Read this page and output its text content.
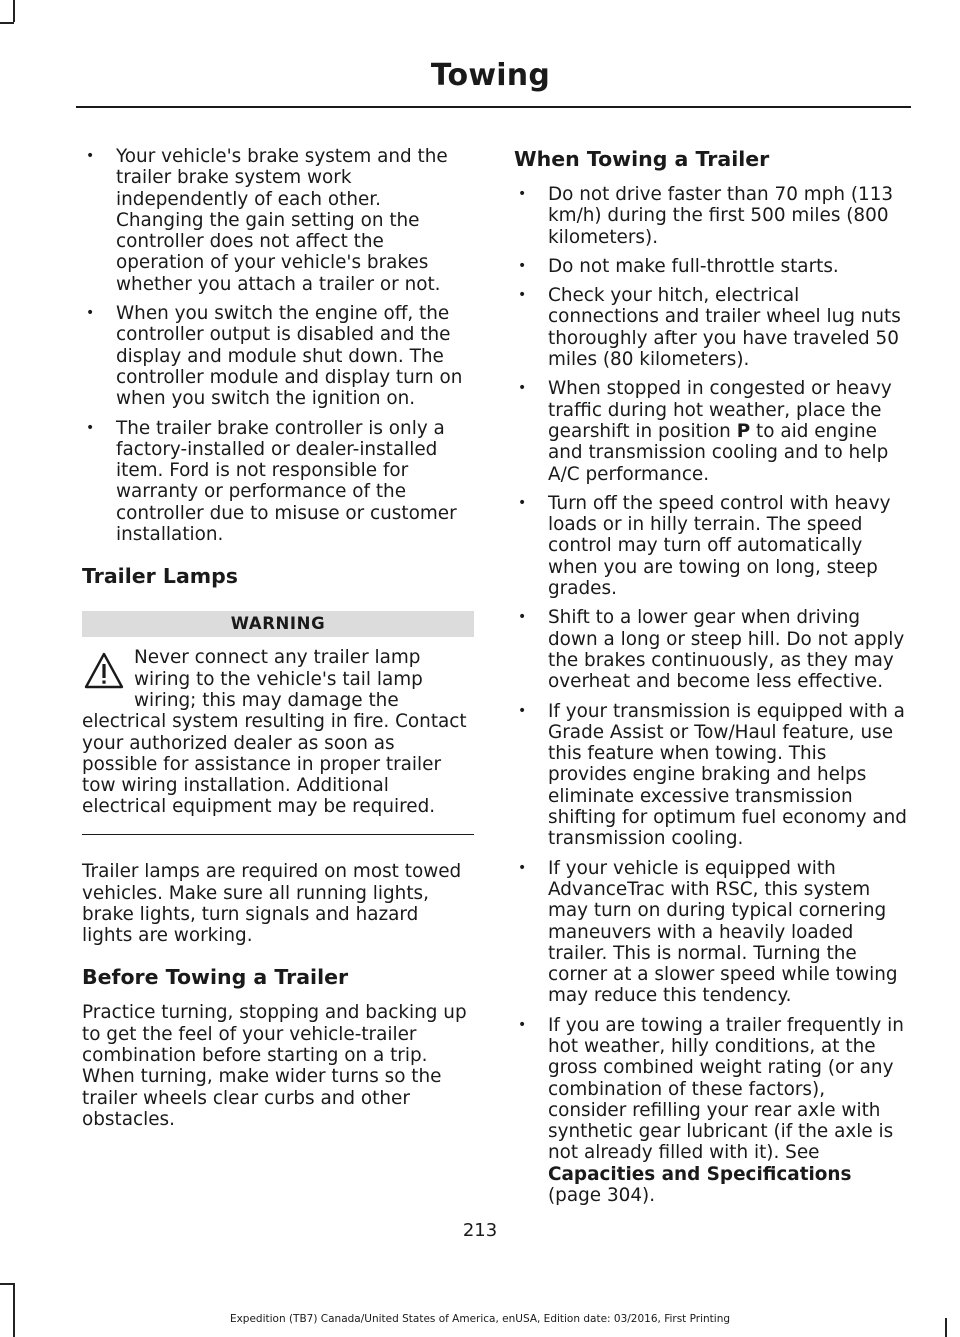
Towing
• Your vehicle's brake system and the trailer brake system work independently of each other. Changing the gain setting on the controller does not affect the operation of your vehicle's brakes whether you attach a trailer or not.
• When you switch the engine off, the controller output is disabled and the display and module shut down. The controller module and display turn on when you switch the ignition on.
• The trailer brake controller is only a factory-installed or dealer-installed item. Ford is not responsible for warranty or performance of the controller due to misuse or customer installation.
Trailer Lamps
WARNING

Never connect any trailer lamp wiring to the vehicle's tail lamp wiring; this may damage the electrical system resulting in fire. Contact your authorized dealer as soon as possible for assistance in proper trailer tow wiring installation. Additional electrical equipment may be required.

Trailer lamps are required on most towed vehicles. Make sure all running lights, brake lights, turn signals and hazard lights are working.

Before Towing a Trailer

Practice turning, stopping and backing up to get the feel of your vehicle-trailer combination before starting on a trip. When turning, make wider turns so the trailer wheels clear curbs and other obstacles.

When Towing a Trailer
• Do not drive faster than 70 mph (113 km/h) during the first 500 miles (800 kilometers).
• Do not make full-throttle starts.
• Check your hitch, electrical connections and trailer wheel lug nuts thoroughly after you have traveled 50 miles (80 kilometers).
• When stopped in congested or heavy traffic during hot weather, place the gearshift in position P to aid engine and transmission cooling and to help A/C performance.
• Turn off the speed control with heavy loads or in hilly terrain. The speed control may turn off automatically when you are towing on long, steep grades.
• Shift to a lower gear when driving down a long or steep hill. Do not apply the brakes continuously, as they may overheat and become less effective.
• If your transmission is equipped with a Grade Assist or Tow/Haul feature, use this feature when towing. This provides engine braking and helps eliminate excessive transmission shifting for optimum fuel economy and transmission cooling.
• If your vehicle is equipped with AdvanceTrac with RSC, this system may turn on during typical cornering maneuvers with a heavily loaded trailer. This is normal. Turning the corner at a slower speed while towing may reduce this tendency.
• If you are towing a trailer frequently in hot weather, hilly conditions, at the gross combined weight rating (or any combination of these factors), consider refilling your rear axle with synthetic gear lubricant (if the axle is not already filled with it). See Capacities and Specifications (page 304).
213
Expedition (TB7) Canada/United States of America, enUSA, Edition date: 03/2016, First Printing
